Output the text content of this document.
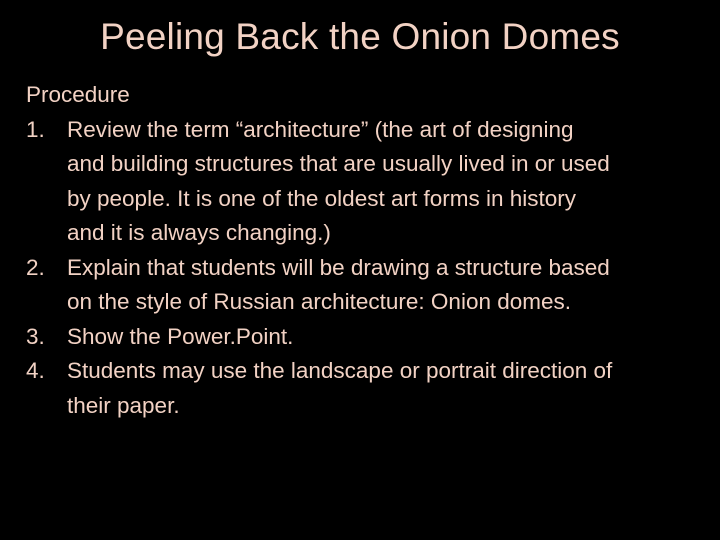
Peeling Back the Onion Domes

Procedure

1. Review the term “architecture” (the art of designing
and building structures that are usually lived in or used
by people. It is one of the oldest art forms in history
and it is always changing.)
2. Explain that students will be drawing a structure based
on the style of Russian architecture: Onion domes.
3. Show the Power.Point.
4. Students may use the landscape or portrait direction of
their paper.
